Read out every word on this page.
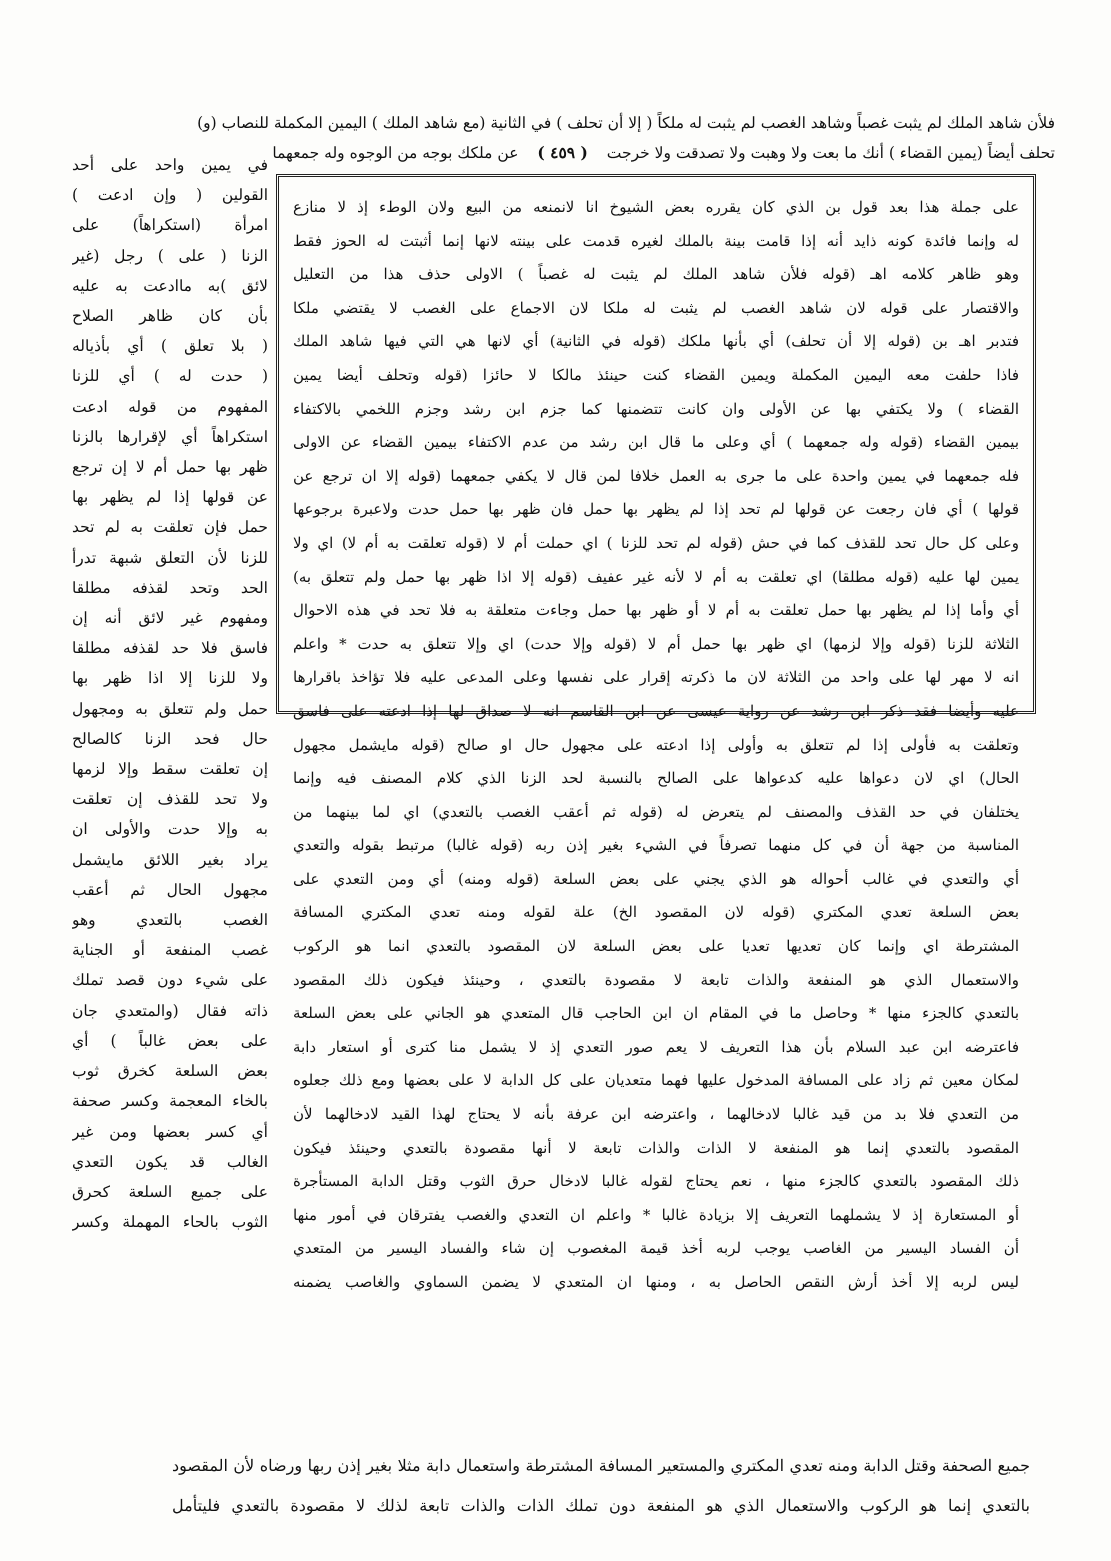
فلأن شاهد الملك لم يثبت غصباً وشاهد الغصب لم يثبت له ملكاً ( إلا أن تحلف ) في الثانية (مع شاهد الملك ) اليمين المكملة للنصاب (و)
تحلف أيضاً (يمين القضاء ) أنك ما بعت ولا وهبت ولا تصدقت ولا خرجت ( ٤٥٩ ) عن ملكك بوجه من الوجوه وله جمعهما
في يمين واحد على أحد
القولين ( وإن ادعت )
امرأة (استكراهاً) على
الزنا ( على ) رجل (غير
لائق )به ماادعت به عليه
بأن كان ظاهر الصلاح
( بلا تعلق ) أي بأذياله
( حدت له ) أي للزنا
المفهوم من قوله ادعت
استكراهاً أي لإقرارها بالزنا
ظهر بها حمل أم لا إن ترجع
عن قولها إذا لم يظهر بها
حمل فإن تعلقت به لم تحد
للزنا لأن التعلق شبهة تدرأ
الحد وتحد لقذفه مطلقا
ومفهوم غير لائق أنه إن
فاسق فلا حد لقذفه مطلقا
ولا للزنا إلا اذا ظهر بها
حمل ولم تتعلق به ومجهول
حال فحد الزنا كالصالح
إن تعلقت سقط وإلا لزمها
ولا تحد للقذف إن تعلقت
به وإلا حدت والأولى ان
يراد بغير اللائق مايشمل
مجهول الحال ثم أعقب
الغصب بالتعدي وهو
غصب المنفعة أو الجناية
على شيء دون قصد تملك
ذاته فقال (والمتعدي جان
على بعض غالباً ) أي
بعض السلعة كخرق ثوب
بالخاء المعجمة وكسر صحفة
أي كسر بعضها ومن غير
الغالب قد يكون التعدي
على جميع السلعة كحرق
الثوب بالحاء المهملة وكسر
على جملة هذا بعد قول بن الذي كان يقرره بعض الشيوخ انا لانمنعه من البيع ولان الوطء إذ لا منازع
له وإنما فائدة كونه ذايد أنه إذا قامت بينة بالملك لغيره قدمت على بينته لانها إنما أثبتت له الحوز فقط
وهو ظاهر كلامه اهـ (قوله فلأن شاهد الملك لم يثبت له غصباً ) الاولى حذف هذا من التعليل
والاقتصار على قوله لان شاهد الغصب لم يثبت له ملكا لان الاجماع على الغصب لا يقتضي ملكا
فتدبر اهـ بن (قوله إلا أن تحلف) أي بأنها ملكك (قوله في الثانية) أي لانها هي التي فيها شاهد الملك
فاذا حلفت معه اليمين المكملة ويمين القضاء كنت حينئذ مالكا لا حائزا (قوله وتحلف أيضا يمين
القضاء ) ولا يكتفي بها عن الأولى وان كانت تتضمنها كما جزم ابن رشد وجزم اللخمي بالاكتفاء
بيمين القضاء (قوله وله جمعهما ) أي وعلى ما قال ابن رشد من عدم الاكتفاء بيمين القضاء عن الاولى
فله جمعهما في يمين واحدة على ما جرى به العمل خلافا لمن قال لا يكفي جمعهما (قوله إلا ان ترجع عن
قولها ) أي فان رجعت عن قولها لم تحد إذا لم يظهر بها حمل فان ظهر بها حمل حدت ولاعبرة برجوعها
وعلى كل حال تحد للقذف كما في حش (قوله لم تحد للزنا ) اي حملت أم لا (قوله تعلقت به أم لا) اي ولا
يمين لها عليه (قوله مطلقا) اي تعلقت به أم لا لأنه غير عفيف (قوله إلا اذا ظهر بها حمل ولم تتعلق به)
أي وأما إذا لم يظهر بها حمل تعلقت به أم لا أو ظهر بها حمل وجاءت متعلقة به فلا تحد في هذه الاحوال
الثلاثة للزنا (قوله وإلا لزمها) اي ظهر بها حمل أم لا (قوله وإلا حدت) اي وإلا تتعلق به حدت * واعلم
انه لا مهر لها على واحد من الثلاثة لان ما ذكرته إقرار على نفسها وعلى المدعى عليه فلا تؤاخذ باقرارها
عليه وأيضا فقد ذكر ابن رشد عن رواية عيسى عن ابن القاسم انه لا صداق لها إذا ادعته على فاسق
وتعلقت به فأولى إذا لم تتعلق به وأولى إذا ادعته على مجهول حال او صالح (قوله مايشمل مجهول
الحال) اي لان دعواها عليه كدعواها على الصالح بالنسبة لحد الزنا الذي كلام المصنف فيه وإنما
يختلفان في حد القذف والمصنف لم يتعرض له (قوله ثم أعقب الغصب بالتعدي) اي لما بينهما من
المناسبة من جهة أن في كل منهما تصرفاً في الشيء بغير إذن ربه (قوله غالبا) مرتبط بقوله والتعدي
أي والتعدي في غالب أحواله هو الذي يجني على بعض السلعة (قوله ومنه) أي ومن التعدي على
بعض السلعة تعدي المكتري (قوله لان المقصود الخ) علة لقوله ومنه تعدي المكتري المسافة
المشترطة اي وإنما كان تعديها تعديا على بعض السلعة لان المقصود بالتعدي انما هو الركوب
والاستعمال الذي هو المنفعة والذات تابعة لا مقصودة بالتعدي ، وحينئذ فيكون ذلك المقصود
بالتعدي كالجزء منها * وحاصل ما في المقام ان ابن الحاجب قال المتعدي هو الجاني على بعض السلعة
فاعترضه ابن عبد السلام بأن هذا التعريف لا يعم صور التعدي إذ لا يشمل منا كترى أو استعار دابة
لمكان معين ثم زاد على المسافة المدخول عليها فهما متعديان على كل الدابة لا على بعضها ومع ذلك جعلوه
من التعدي فلا بد من قيد غالبا لادخالهما ، واعترضه ابن عرفة بأنه لا يحتاج لهذا القيد لادخالهما لأن
المقصود بالتعدي إنما هو المنفعة لا الذات والذات تابعة لا أنها مقصودة بالتعدي وحينئذ فيكون
ذلك المقصود بالتعدي كالجزء منها ، نعم يحتاج لقوله غالبا لادخال حرق الثوب وقتل الدابة المستأجرة
أو المستعارة إذ لا يشملهما التعريف إلا بزيادة غالبا * واعلم ان التعدي والغصب يفترقان في أمور منها
أن الفساد اليسير من الغاصب يوجب لربه أخذ قيمة المغصوب إن شاء والفساد اليسير من المتعدي
ليس لربه إلا أخذ أرش النقص الحاصل به ، ومنها ان المتعدي لا يضمن السماوي والغاصب يضمنه
جميع الصحفة وقتل الدابة ومنه تعدي المكتري والمستعير المسافة المشترطة واستعمال دابة مثلا بغير إذن ربها ورضاه لأن المقصود
بالتعدي إنما هو الركوب والاستعمال الذي هو المنفعة دون تملك الذات والذات تابعة لذلك لا مقصودة بالتعدي فليتأمل
